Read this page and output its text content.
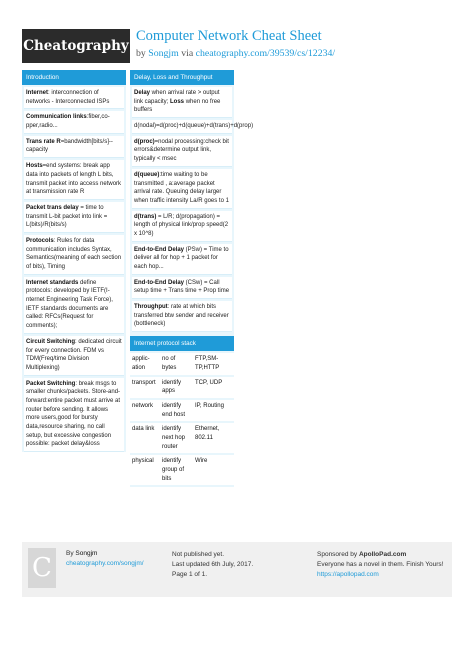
Cheatography
Computer Network Cheat Sheet
by Songjm via cheatography.com/39539/cs/12234/
Introduction
Internet: interconnection of networks - Interconnected ISPs
Communication links:fiber,co-pper,radio...
Trans rate R=bandwidth[bits/s]--capacity
Hosts=end systems: break app data into packets of length L bits, transmit packet into access network at transmission rate R
Packet trans delay = time to transmit L-bit packet into link = L(bits)/R(bits/s)
Protocols: Rules for data communication includes Syntax, Semantics(meaning of each section of bits), Timing
Internet standards define protocols: developed by IETF(I-nternet Engineering Task Force), IETF standards documents are called: RFCs(Request for comments);
Circuit Switching: dedicated circuit for every connection. FDM vs TDM(Freq/time Division Multiplexing)
Packet Switching: break msgs to smaller chunks/packets. Store-and-forward:entire packet must arrive at router before sending. It allows more users,good for bursty data,resource sharing, no call setup, but excessive congestion possible: packet delay&loss
Delay, Loss and Throughput
Delay when arrival rate > output link capacity; Loss when no free buffers
d(nodal)=d(proc)+d(queue)+d(trans)+d(prop)
d(proc)=nodal processing:check bit errors&determine output link, typically < msec
d(queue):time waiting to be transmitted , a:average packet arrival rate. Queuing delay larger when traffic intensity La/R goes to 1
d(trans) = L/R; d(propagation) = length of physical link/prop speed(2 x 10^8)
End-to-End Delay (PSw) = Time to deliver all for hop + 1 packet for each hop...
End-to-End Delay (CSw) = Call setup time + Trans time + Prop time
Throughput: rate at which bits transferred btw sender and receiver (bottleneck)
Internet protocol stack
applic-ation	no of bytes	FTP,SM-TP,HTTP
transport	identify apps	TCP, UDP
network	identify end host	IP, Routing
data link	identify next hop router	Ethernet, 802.11
physical	identify group of bits	Wire
C	By Songjm
cheatography.com/songjm/
Not published yet.
Last updated 6th July, 2017.
Page 1 of 1.
Sponsored by ApolloPad.com
Everyone has a novel in them. Finish Yours!
https://apollopad.com
